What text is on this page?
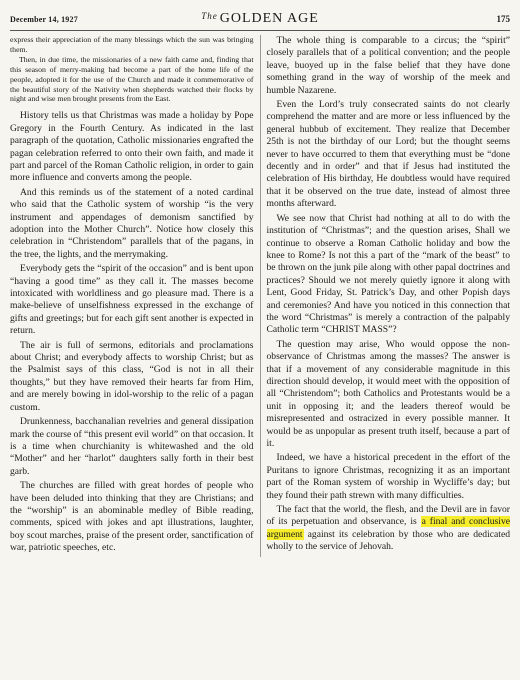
December 14, 1927	$^{The}$ GOLDEN AGE	175

express their appreciation of the many blessings which the sun was bringing them.

Then, in due time, the missionaries of a new faith came and, finding that this season of merry-making had become a part of the home life of the people, adopted it for the use of the Church and made it commemorative of the beautiful story of the Nativity when shepherds watched their flocks by night and wise men brought presents from the East.

History tells us that Christmas was made a holiday by Pope Gregory in the Fourth Century. As indicated in the last paragraph of the quotation, Catholic missionaries engrafted the pagan celebration referred to onto their own faith, and made it part and parcel of the Roman Catholic religion, in order to gain more influence and converts among the people.

And this reminds us of the statement of a noted cardinal who said that the Catholic system of worship “is the very instrument and appendages of demonism sanctified by adoption into the Mother Church”. Notice how closely this celebration in “Christendom” parallels that of the pagans, in the tree, the lights, and the merrymaking.

Everybody gets the “spirit of the occasion” and is bent upon “having a good time” as they call it. The masses become intoxicated with worldliness and go pleasure mad. There is a make-believe of unselfishness expressed in the exchange of gifts and greetings; but for each gift sent another is expected in return.

The air is full of sermons, editorials and proclamations about Christ; and everybody affects to worship Christ; but as the Psalmist says of this class, “God is not in all their thoughts,” but they have removed their hearts far from Him, and are merely bowing in idol-worship to the relic of a pagan custom.

Drunkenness, bacchanalian revelries and general dissipation mark the course of “this present evil world” on that occasion. It is a time when churchianity is whitewashed and the old “Mother” and her “harlot” daughters sally forth in their best garb.

The churches are filled with great hordes of people who have been deluded into thinking that they are Christians; and the “worship” is an abominable medley of Bible reading, comments, spiced with jokes and apt illustrations, laughter, boy scout marches, praise of the present order, sanctification of war, patriotic speeches, etc.

The whole thing is comparable to a circus; the “spirit” closely parallels that of a political convention; and the people leave, buoyed up in the false belief that they have done something grand in the way of worship of the meek and humble Nazarene.

Even the Lord’s truly consecrated saints do not clearly comprehend the matter and are more or less influenced by the general hubbub of excitement. They realize that December 25th is not the birthday of our Lord; but the thought seems never to have occurred to them that everything must be “done decently and in order” and that if Jesus had instituted the celebration of His birthday, He doubtless would have required that it be observed on the true date, instead of almost three months afterward.

We see now that Christ had nothing at all to do with the institution of “Christmas”; and the question arises, Shall we continue to observe a Roman Catholic holiday and bow the knee to Rome? Is not this a part of the “mark of the beast” to be thrown on the junk pile along with other papal doctrines and practices? Should we not merely quietly ignore it along with Lent, Good Friday, St. Patrick’s Day, and other Popish days and ceremonies? And have you noticed in this connection that the word “Christmas” is merely a contraction of the palpably Catholic term “CHRIST MASS”?

The question may arise, Who would oppose the non-observance of Christmas among the masses? The answer is that if a movement of any considerable magnitude in this direction should develop, it would meet with the opposition of all “Christendom”; both Catholics and Protestants would be a unit in opposing it; and the leaders thereof would be misrepresented and ostracized in every possible manner. It would be as unpopular as present truth itself, because a part of it.

Indeed, we have a historical precedent in the effort of the Puritans to ignore Christmas, recognizing it as an important part of the Roman system of worship in Wycliffe’s day; but they found their path strewn with many difficulties.

The fact that the world, the flesh, and the Devil are in favor of its perpetuation and observance, is a final and conclusive argument against its celebration by those who are dedicated wholly to the service of Jehovah.
